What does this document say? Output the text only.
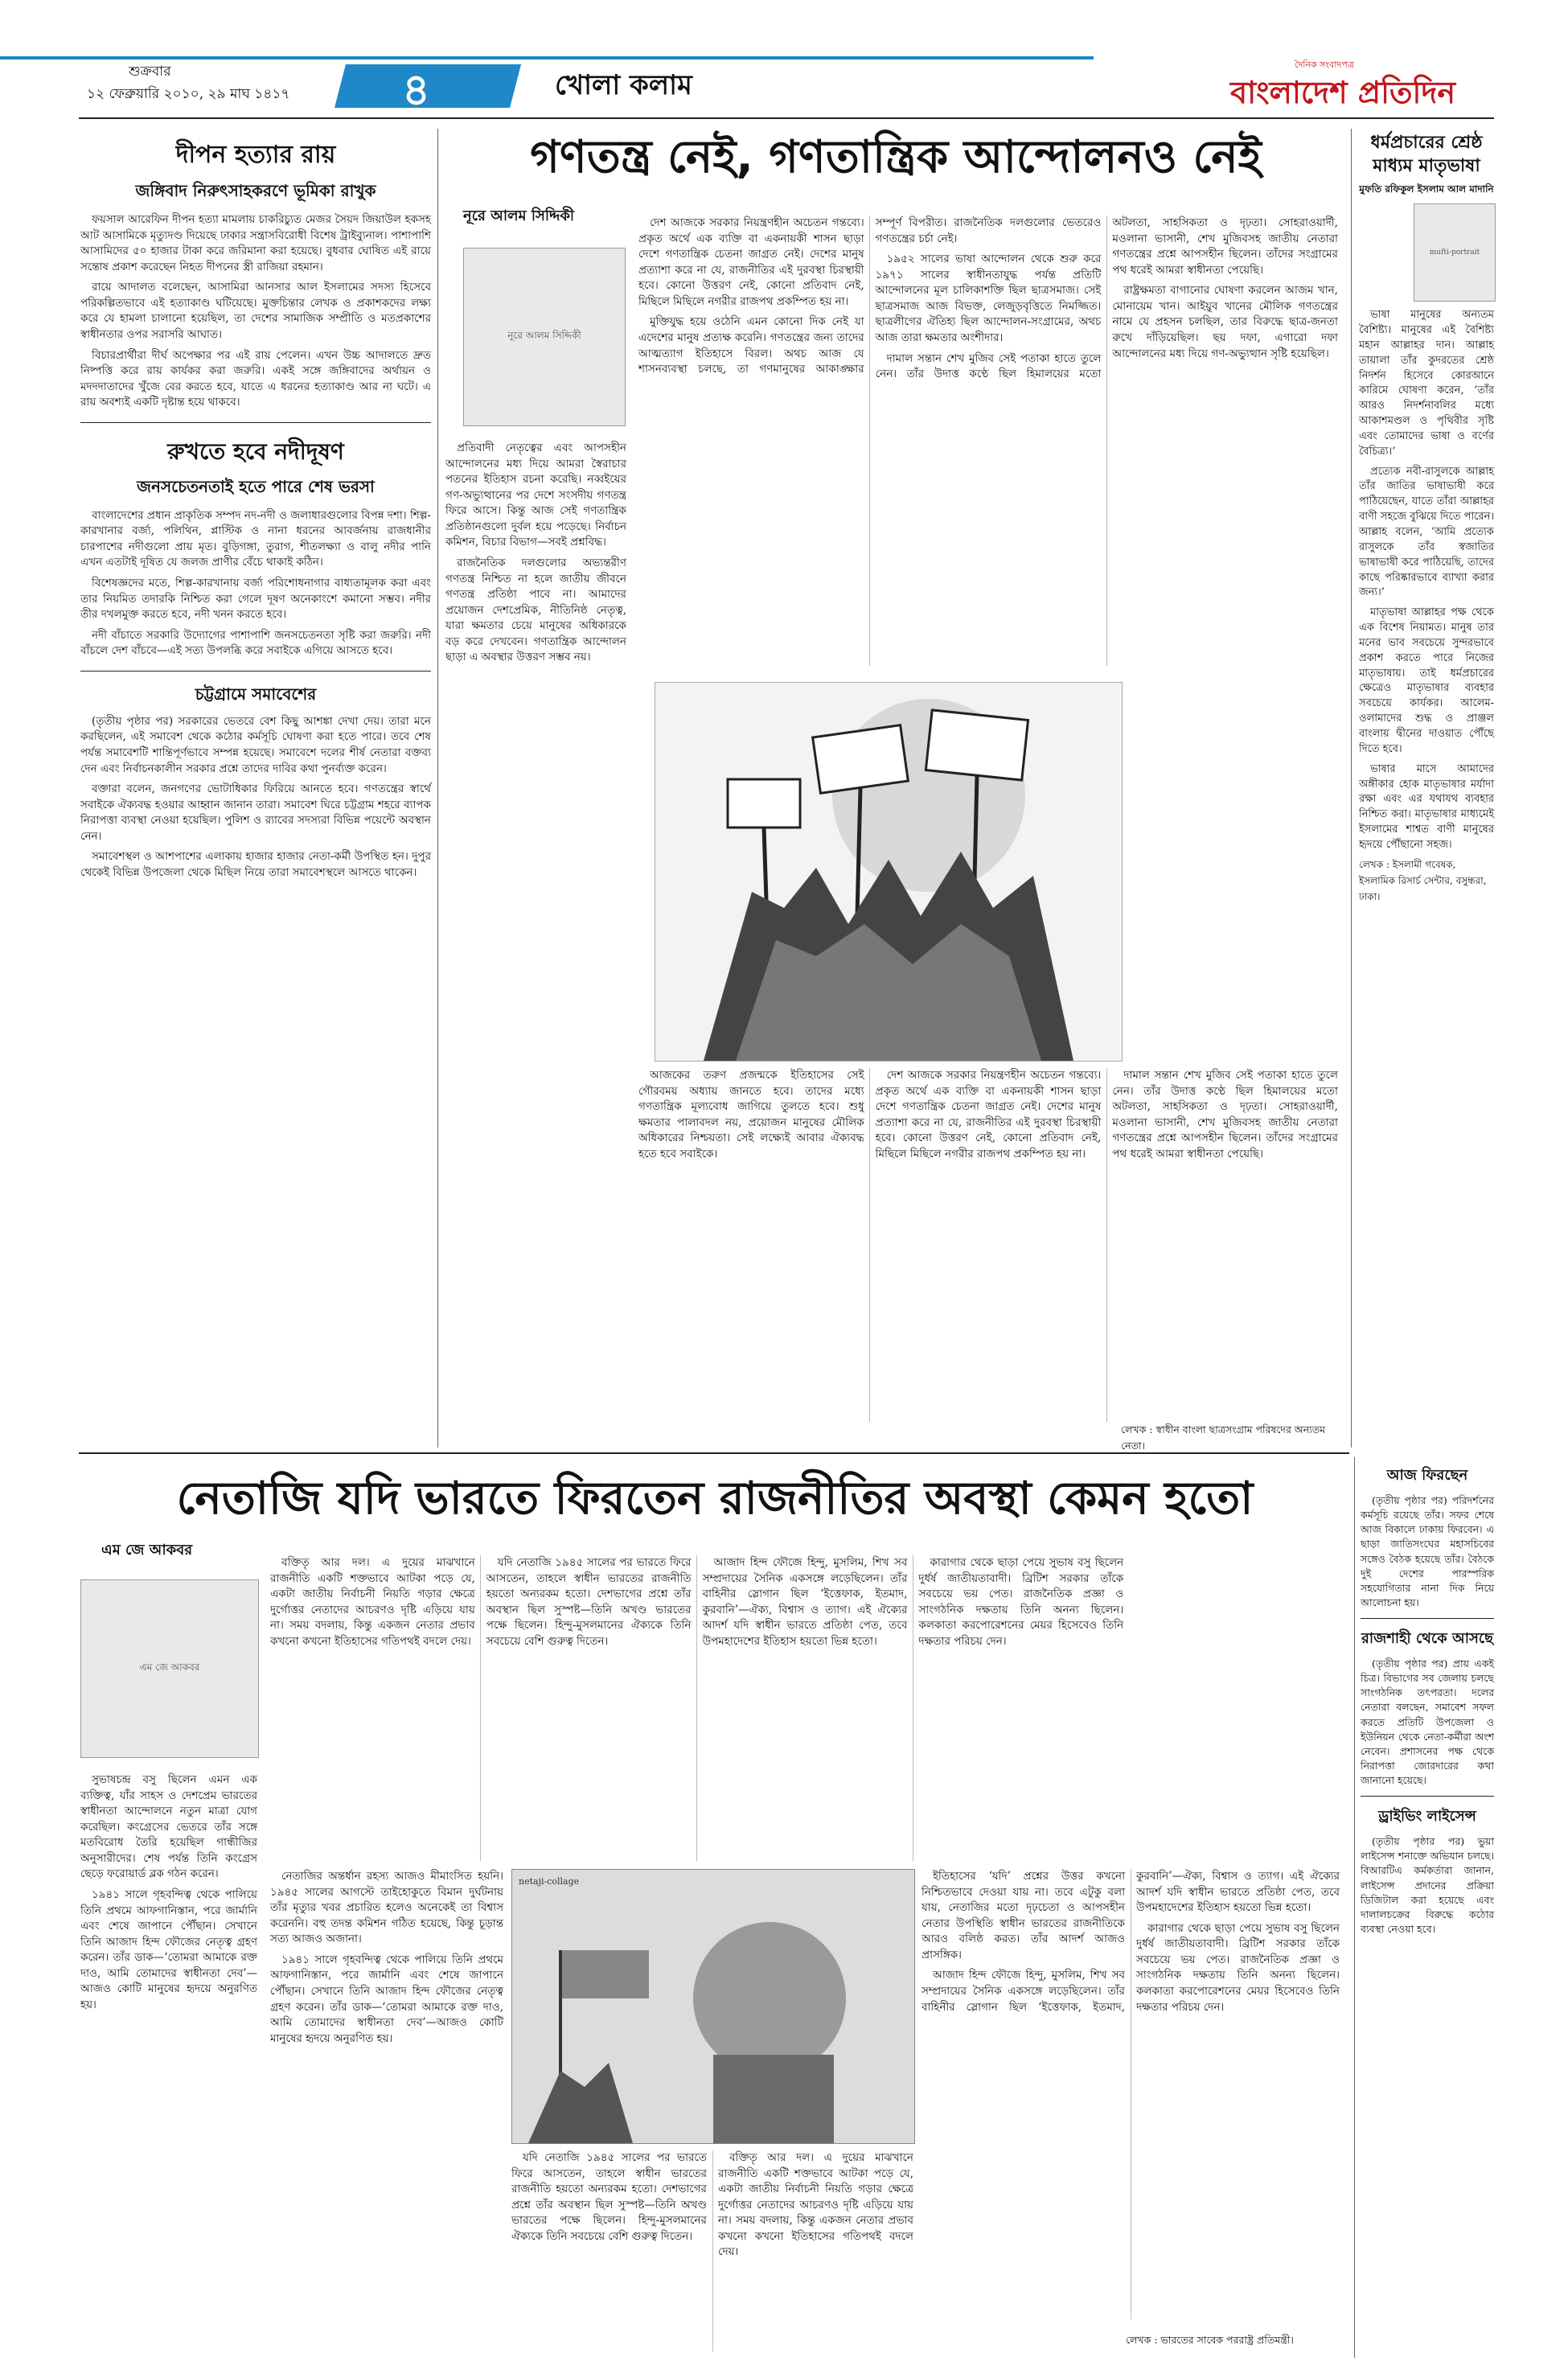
শুক্রবার
১২ ফেব্রুয়ারি ২০১০, ২৯ মাঘ ১৪১৭	৪	খোলা কলাম
দৈনিক সংবাদপত্র
বাংলাদেশ প্রতিদিন
দীপন হত্যার রায়
জঙ্গিবাদ নিরুৎসাহকরণে ভূমিকা রাখুক

ফয়সাল আরেফিন দীপন হত্যা মামলায় চাকরিচ্যুত মেজর সৈয়দ জিয়াউল হকসহ আট আসামিকে মৃত্যুদণ্ড দিয়েছে ঢাকার সন্ত্রাসবিরোধী বিশেষ ট্রাইব্যুনাল। পাশাপাশি আসামিদের ৫০ হাজার টাকা করে জরিমানা করা হয়েছে। বুধবার ঘোষিত এই রায়ে সন্তোষ প্রকাশ করেছেন নিহত দীপনের স্ত্রী রাজিয়া রহমান।

রায়ে আদালত বলেছেন, আসামিরা আনসার আল ইসলামের সদস্য হিসেবে পরিকল্পিতভাবে এই হত্যাকাণ্ড ঘটিয়েছে। মুক্তচিন্তার লেখক ও প্রকাশকদের লক্ষ্য করে যে হামলা চালানো হয়েছিল, তা দেশের সামাজিক সম্প্রীতি ও মতপ্রকাশের স্বাধীনতার ওপর সরাসরি আঘাত।

বিচারপ্রার্থীরা দীর্ঘ অপেক্ষার পর এই রায় পেলেন। এখন উচ্চ আদালতে দ্রুত নিষ্পত্তি করে রায় কার্যকর করা জরুরি। একই সঙ্গে জঙ্গিবাদের অর্থায়ন ও মদদদাতাদের খুঁজে বের করতে হবে, যাতে এ ধরনের হত্যাকাণ্ড আর না ঘটে। এ রায় অবশ্যই একটি দৃষ্টান্ত হয়ে থাকবে।

রুখতে হবে নদীদূষণ
জনসচেতনতাই হতে পারে শেষ ভরসা

বাংলাদেশের প্রধান প্রাকৃতিক সম্পদ নদ-নদী ও জলাধারগুলোর বিপন্ন দশা। শিল্প-কারখানার বর্জ্য, পলিথিন, প্লাস্টিক ও নানা ধরনের আবর্জনায় রাজধানীর চারপাশের নদীগুলো প্রায় মৃত। বুড়িগঙ্গা, তুরাগ, শীতলক্ষ্যা ও বালু নদীর পানি এখন এতটাই দূষিত যে জলজ প্রাণীর বেঁচে থাকাই কঠিন।

বিশেষজ্ঞদের মতে, শিল্প-কারখানায় বর্জ্য পরিশোধনাগার বাধ্যতামূলক করা এবং তার নিয়মিত তদারকি নিশ্চিত করা গেলে দূষণ অনেকাংশে কমানো সম্ভব। নদীর তীর দখলমুক্ত করতে হবে, নদী খনন করতে হবে।

নদী বাঁচাতে সরকারি উদ্যোগের পাশাপাশি জনসচেতনতা সৃষ্টি করা জরুরি। নদী বাঁচলে দেশ বাঁচবে—এই সত্য উপলব্ধি করে সবাইকে এগিয়ে আসতে হবে।

চট্টগ্রামে সমাবেশের

(তৃতীয় পৃষ্ঠার পর) সরকারের ভেতরে বেশ কিছু আশঙ্কা দেখা দেয়। তারা মনে করছিলেন, এই সমাবেশ থেকে কঠোর কর্মসূচি ঘোষণা করা হতে পারে। তবে শেষ পর্যন্ত সমাবেশটি শান্তিপূর্ণভাবে সম্পন্ন হয়েছে। সমাবেশে দলের শীর্ষ নেতারা বক্তব্য দেন এবং নির্বাচনকালীন সরকার প্রশ্নে তাদের দাবির কথা পুনর্ব্যক্ত করেন।

বক্তারা বলেন, জনগণের ভোটাধিকার ফিরিয়ে আনতে হবে। গণতন্ত্রের স্বার্থে সবাইকে ঐক্যবদ্ধ হওয়ার আহ্বান জানান তারা। সমাবেশ ঘিরে চট্টগ্রাম শহরে ব্যাপক নিরাপত্তা ব্যবস্থা নেওয়া হয়েছিল। পুলিশ ও র‌্যাবের সদস্যরা বিভিন্ন পয়েন্টে অবস্থান নেন।

সমাবেশস্থল ও আশপাশের এলাকায় হাজার হাজার নেতা-কর্মী উপস্থিত হন। দুপুর থেকেই বিভিন্ন উপজেলা থেকে মিছিল নিয়ে তারা সমাবেশস্থলে আসতে থাকেন।

গণতন্ত্র নেই, গণতান্ত্রিক আন্দোলনও নেই
নূরে আলম সিদ্দিকী
নূরে আলম সিদ্দিকী

দেশ আজকে সরকার নিয়ন্ত্রণহীন অচেতন গন্তব্যে। প্রকৃত অর্থে এক ব্যক্তি বা একনায়কী শাসন ছাড়া দেশে গণতান্ত্রিক চেতনা জাগ্রত নেই। দেশের মানুষ প্রত্যাশা করে না যে, রাজনীতির এই দুরবস্থা চিরস্থায়ী হবে। কোনো উত্তরণ নেই, কোনো প্রতিবাদ নেই, মিছিলে মিছিলে নগরীর রাজপথ প্রকম্পিত হয় না।

মুক্তিযুদ্ধ হয়ে ওঠেনি এমন কোনো দিক নেই যা এদেশের মানুষ প্রত্যক্ষ করেনি। গণতন্ত্রের জন্য তাদের আত্মত্যাগ ইতিহাসে বিরল। অথচ আজ যে শাসনব্যবস্থা চলছে, তা গণমানুষের আকাঙ্ক্ষার সম্পূর্ণ বিপরীত। রাজনৈতিক দলগুলোর ভেতরেও গণতন্ত্রের চর্চা নেই।

১৯৫২ সালের ভাষা আন্দোলন থেকে শুরু করে ১৯৭১ সালের স্বাধীনতাযুদ্ধ পর্যন্ত প্রতিটি আন্দোলনের মূল চালিকাশক্তি ছিল ছাত্রসমাজ। সেই ছাত্রসমাজ আজ বিভক্ত, লেজুড়বৃত্তিতে নিমজ্জিত। ছাত্রলীগের ঐতিহ্য ছিল আন্দোলন-সংগ্রামের, অথচ আজ তারা ক্ষমতার অংশীদার।

দামাল সন্তান শেখ মুজিব সেই পতাকা হাতে তুলে নেন। তাঁর উদাত্ত কণ্ঠে ছিল হিমালয়ের মতো অটলতা, সাহসিকতা ও দৃঢ়তা। সোহরাওয়ার্দী, মওলানা ভাসানী, শেখ মুজিবসহ জাতীয় নেতারা গণতন্ত্রের প্রশ্নে আপসহীন ছিলেন। তাঁদের সংগ্রামের পথ ধরেই আমরা স্বাধীনতা পেয়েছি।

রাষ্ট্রক্ষমতা বাগানোর ঘোষণা করলেন আজম খান, মোনায়েম খান। আইয়ুব খানের মৌলিক গণতন্ত্রের নামে যে প্রহসন চলছিল, তার বিরুদ্ধে ছাত্র-জনতা রুখে দাঁড়িয়েছিল। ছয় দফা, এগারো দফা আন্দোলনের মধ্য দিয়ে গণ-অভ্যুত্থান সৃষ্টি হয়েছিল।

প্রতিবাদী নেতৃত্বের এবং আপসহীন আন্দোলনের মধ্য দিয়ে আমরা স্বৈরাচার পতনের ইতিহাস রচনা করেছি। নব্বইয়ের গণ-অভ্যুত্থানের পর দেশে সংসদীয় গণতন্ত্র ফিরে আসে। কিন্তু আজ সেই গণতান্ত্রিক প্রতিষ্ঠানগুলো দুর্বল হয়ে পড়েছে। নির্বাচন কমিশন, বিচার বিভাগ—সবই প্রশ্নবিদ্ধ।

রাজনৈতিক দলগুলোর অভ্যন্তরীণ গণতন্ত্র নিশ্চিত না হলে জাতীয় জীবনে গণতন্ত্র প্রতিষ্ঠা পাবে না। আমাদের প্রয়োজন দেশপ্রেমিক, নীতিনিষ্ঠ নেতৃত্ব, যারা ক্ষমতার চেয়ে মানুষের অধিকারকে বড় করে দেখবেন। গণতান্ত্রিক আন্দোলন ছাড়া এ অবস্থার উত্তরণ সম্ভব নয়।

আজকের তরুণ প্রজন্মকে ইতিহাসের সেই গৌরবময় অধ্যায় জানতে হবে। তাদের মধ্যে গণতান্ত্রিক মূল্যবোধ জাগিয়ে তুলতে হবে। শুধু ক্ষমতার পালাবদল নয়, প্রয়োজন মানুষের মৌলিক অধিকারের নিশ্চয়তা। সেই লক্ষ্যেই আবার ঐক্যবদ্ধ হতে হবে সবাইকে।

দেশ আজকে সরকার নিয়ন্ত্রণহীন অচেতন গন্তব্যে। প্রকৃত অর্থে এক ব্যক্তি বা একনায়কী শাসন ছাড়া দেশে গণতান্ত্রিক চেতনা জাগ্রত নেই। দেশের মানুষ প্রত্যাশা করে না যে, রাজনীতির এই দুরবস্থা চিরস্থায়ী হবে। কোনো উত্তরণ নেই, কোনো প্রতিবাদ নেই, মিছিলে মিছিলে নগরীর রাজপথ প্রকম্পিত হয় না।

দামাল সন্তান শেখ মুজিব সেই পতাকা হাতে তুলে নেন। তাঁর উদাত্ত কণ্ঠে ছিল হিমালয়ের মতো অটলতা, সাহসিকতা ও দৃঢ়তা। সোহরাওয়ার্দী, মওলানা ভাসানী, শেখ মুজিবসহ জাতীয় নেতারা গণতন্ত্রের প্রশ্নে আপসহীন ছিলেন। তাঁদের সংগ্রামের পথ ধরেই আমরা স্বাধীনতা পেয়েছি।

লেখক : স্বাধীন বাংলা ছাত্রসংগ্রাম পরিষদের অন্যতম নেতা।
ধর্মপ্রচারের শ্রেষ্ঠ মাধ্যম মাতৃভাষা
মুফতি রফিকুল ইসলাম আল মাদানি
mufti-portrait

ভাষা মানুষের অন্যতম বৈশিষ্ট্য। মানুষের এই বৈশিষ্ট্য মহান আল্লাহর দান। আল্লাহ তায়ালা তাঁর কুদরতের শ্রেষ্ঠ নিদর্শন হিসেবে কোরআনে কারিমে ঘোষণা করেন, ‘তাঁর আরও নিদর্শনাবলির মধ্যে আকাশমণ্ডল ও পৃথিবীর সৃষ্টি এবং তোমাদের ভাষা ও বর্ণের বৈচিত্র্য।’

প্রত্যেক নবী-রাসুলকে আল্লাহ তাঁর জাতির ভাষাভাষী করে পাঠিয়েছেন, যাতে তাঁরা আল্লাহর বাণী সহজে বুঝিয়ে দিতে পারেন। আল্লাহ বলেন, ‘আমি প্রত্যেক রাসুলকে তাঁর স্বজাতির ভাষাভাষী করে পাঠিয়েছি, তাদের কাছে পরিষ্কারভাবে ব্যাখ্যা করার জন্য।’

মাতৃভাষা আল্লাহর পক্ষ থেকে এক বিশেষ নিয়ামত। মানুষ তার মনের ভাব সবচেয়ে সুন্দরভাবে প্রকাশ করতে পারে নিজের মাতৃভাষায়। তাই ধর্মপ্রচারের ক্ষেত্রেও মাতৃভাষার ব্যবহার সবচেয়ে কার্যকর। আলেম-ওলামাদের শুদ্ধ ও প্রাঞ্জল বাংলায় দ্বীনের দাওয়াত পৌঁছে দিতে হবে।

ভাষার মাসে আমাদের অঙ্গীকার হোক মাতৃভাষার মর্যাদা রক্ষা এবং এর যথাযথ ব্যবহার নিশ্চিত করা। মাতৃভাষার মাধ্যমেই ইসলামের শাশ্বত বাণী মানুষের হৃদয়ে পৌঁছানো সহজ।

লেখক : ইসলামী গবেষক, ইসলামিক রিসার্চ সেন্টার, বসুন্ধরা, ঢাকা।
নেতাজি যদি ভারতে ফিরতেন রাজনীতির অবস্থা কেমন হতো
এম জে আকবর
এম জে আকবর

সুভাষচন্দ্র বসু ছিলেন এমন এক ব্যক্তিত্ব, যাঁর সাহস ও দেশপ্রেম ভারতের স্বাধীনতা আন্দোলনে নতুন মাত্রা যোগ করেছিল। কংগ্রেসের ভেতরে তাঁর সঙ্গে মতবিরোধ তৈরি হয়েছিল গান্ধীজির অনুসারীদের। শেষ পর্যন্ত তিনি কংগ্রেস ছেড়ে ফরোয়ার্ড ব্লক গঠন করেন।

১৯৪১ সালে গৃহবন্দিত্ব থেকে পালিয়ে তিনি প্রথমে আফগানিস্তান, পরে জার্মানি এবং শেষে জাপানে পৌঁছান। সেখানে তিনি আজাদ হিন্দ ফৌজের নেতৃত্ব গ্রহণ করেন। তাঁর ডাক—‘তোমরা আমাকে রক্ত দাও, আমি তোমাদের স্বাধীনতা দেব’—আজও কোটি মানুষের হৃদয়ে অনুরণিত হয়।

বক্তিতৃ আর দল। এ দুয়ের মাঝখানে রাজনীতি একটি শক্তভাবে আটকা পড়ে যে, একটা জাতীয় নির্বাচনী নিয়তি গড়ার ক্ষেত্রে দুর্গোত্তর নেতাদের আচরণও দৃষ্টি এড়িয়ে যায় না। সময় বদলায়, কিন্তু একজন নেতার প্রভাব কখনো কখনো ইতিহাসের গতিপথই বদলে দেয়।

যদি নেতাজি ১৯৪৫ সালের পর ভারতে ফিরে আসতেন, তাহলে স্বাধীন ভারতের রাজনীতি হয়তো অন্যরকম হতো। দেশভাগের প্রশ্নে তাঁর অবস্থান ছিল সুস্পষ্ট—তিনি অখণ্ড ভারতের পক্ষে ছিলেন। হিন্দু-মুসলমানের ঐক্যকে তিনি সবচেয়ে বেশি গুরুত্ব দিতেন।

আজাদ হিন্দ ফৌজে হিন্দু, মুসলিম, শিখ সব সম্প্রদায়ের সৈনিক একসঙ্গে লড়েছিলেন। তাঁর বাহিনীর স্লোগান ছিল ‘ইত্তেফাক, ইতমাদ, কুরবানি’—ঐক্য, বিশ্বাস ও ত্যাগ। এই ঐক্যের আদর্শ যদি স্বাধীন ভারতে প্রতিষ্ঠা পেত, তবে উপমহাদেশের ইতিহাস হয়তো ভিন্ন হতো।

কারাগার থেকে ছাড়া পেয়ে সুভাষ বসু ছিলেন দুর্ধর্ষ জাতীয়তাবাদী। ব্রিটিশ সরকার তাঁকে সবচেয়ে ভয় পেত। রাজনৈতিক প্রজ্ঞা ও সাংগঠনিক দক্ষতায় তিনি অনন্য ছিলেন। কলকাতা করপোরেশনের মেয়র হিসেবেও তিনি দক্ষতার পরিচয় দেন।

netaji-collage

নেতাজির অন্তর্ধান রহস্য আজও মীমাংসিত হয়নি। ১৯৪৫ সালের আগস্টে তাইহোকুতে বিমান দুর্ঘটনায় তাঁর মৃত্যুর খবর প্রচারিত হলেও অনেকেই তা বিশ্বাস করেননি। বহু তদন্ত কমিশন গঠিত হয়েছে, কিন্তু চূড়ান্ত সত্য আজও অজানা।

১৯৪১ সালে গৃহবন্দিত্ব থেকে পালিয়ে তিনি প্রথমে আফগানিস্তান, পরে জার্মানি এবং শেষে জাপানে পৌঁছান। সেখানে তিনি আজাদ হিন্দ ফৌজের নেতৃত্ব গ্রহণ করেন। তাঁর ডাক—‘তোমরা আমাকে রক্ত দাও, আমি তোমাদের স্বাধীনতা দেব’—আজও কোটি মানুষের হৃদয়ে অনুরণিত হয়।

ইতিহাসের ‘যদি’ প্রশ্নের উত্তর কখনো নিশ্চিতভাবে দেওয়া যায় না। তবে এটুকু বলা যায়, নেতাজির মতো দৃঢ়চেতা ও আপসহীন নেতার উপস্থিতি স্বাধীন ভারতের রাজনীতিকে আরও বলিষ্ঠ করত। তাঁর আদর্শ আজও প্রাসঙ্গিক।

আজাদ হিন্দ ফৌজে হিন্দু, মুসলিম, শিখ সব সম্প্রদায়ের সৈনিক একসঙ্গে লড়েছিলেন। তাঁর বাহিনীর স্লোগান ছিল ‘ইত্তেফাক, ইতমাদ, কুরবানি’—ঐক্য, বিশ্বাস ও ত্যাগ। এই ঐক্যের আদর্শ যদি স্বাধীন ভারতে প্রতিষ্ঠা পেত, তবে উপমহাদেশের ইতিহাস হয়তো ভিন্ন হতো।

কারাগার থেকে ছাড়া পেয়ে সুভাষ বসু ছিলেন দুর্ধর্ষ জাতীয়তাবাদী। ব্রিটিশ সরকার তাঁকে সবচেয়ে ভয় পেত। রাজনৈতিক প্রজ্ঞা ও সাংগঠনিক দক্ষতায় তিনি অনন্য ছিলেন। কলকাতা করপোরেশনের মেয়র হিসেবেও তিনি দক্ষতার পরিচয় দেন।

যদি নেতাজি ১৯৪৫ সালের পর ভারতে ফিরে আসতেন, তাহলে স্বাধীন ভারতের রাজনীতি হয়তো অন্যরকম হতো। দেশভাগের প্রশ্নে তাঁর অবস্থান ছিল সুস্পষ্ট—তিনি অখণ্ড ভারতের পক্ষে ছিলেন। হিন্দু-মুসলমানের ঐক্যকে তিনি সবচেয়ে বেশি গুরুত্ব দিতেন।

বক্তিতৃ আর দল। এ দুয়ের মাঝখানে রাজনীতি একটি শক্তভাবে আটকা পড়ে যে, একটা জাতীয় নির্বাচনী নিয়তি গড়ার ক্ষেত্রে দুর্গোত্তর নেতাদের আচরণও দৃষ্টি এড়িয়ে যায় না। সময় বদলায়, কিন্তু একজন নেতার প্রভাব কখনো কখনো ইতিহাসের গতিপথই বদলে দেয়।

লেখক : ভারতের সাবেক পররাষ্ট্র প্রতিমন্ত্রী।
আজ ফিরছেন

(তৃতীয় পৃষ্ঠার পর) পরিদর্শনের কর্মসূচি রয়েছে তাঁর। সফর শেষে আজ বিকালে ঢাকায় ফিরবেন। এ ছাড়া জাতিসংঘের মহাসচিবের সঙ্গেও বৈঠক হয়েছে তাঁর। বৈঠকে দুই দেশের পারস্পরিক সহযোগিতার নানা দিক নিয়ে আলোচনা হয়।

রাজশাহী থেকে আসছে

(তৃতীয় পৃষ্ঠার পর) প্রায় একই চিত্র। বিভাগের সব জেলায় চলছে সাংগঠনিক তৎপরতা। দলের নেতারা বলছেন, সমাবেশ সফল করতে প্রতিটি উপজেলা ও ইউনিয়ন থেকে নেতা-কর্মীরা অংশ নেবেন। প্রশাসনের পক্ষ থেকে নিরাপত্তা জোরদারের কথা জানানো হয়েছে।

ড্রাইভিং লাইসেন্স

(তৃতীয় পৃষ্ঠার পর) ভুয়া লাইসেন্স শনাক্তে অভিযান চলছে। বিআরটিএ কর্মকর্তারা জানান, লাইসেন্স প্রদানের প্রক্রিয়া ডিজিটাল করা হয়েছে এবং দালালচক্রের বিরুদ্ধে কঠোর ব্যবস্থা নেওয়া হবে।
